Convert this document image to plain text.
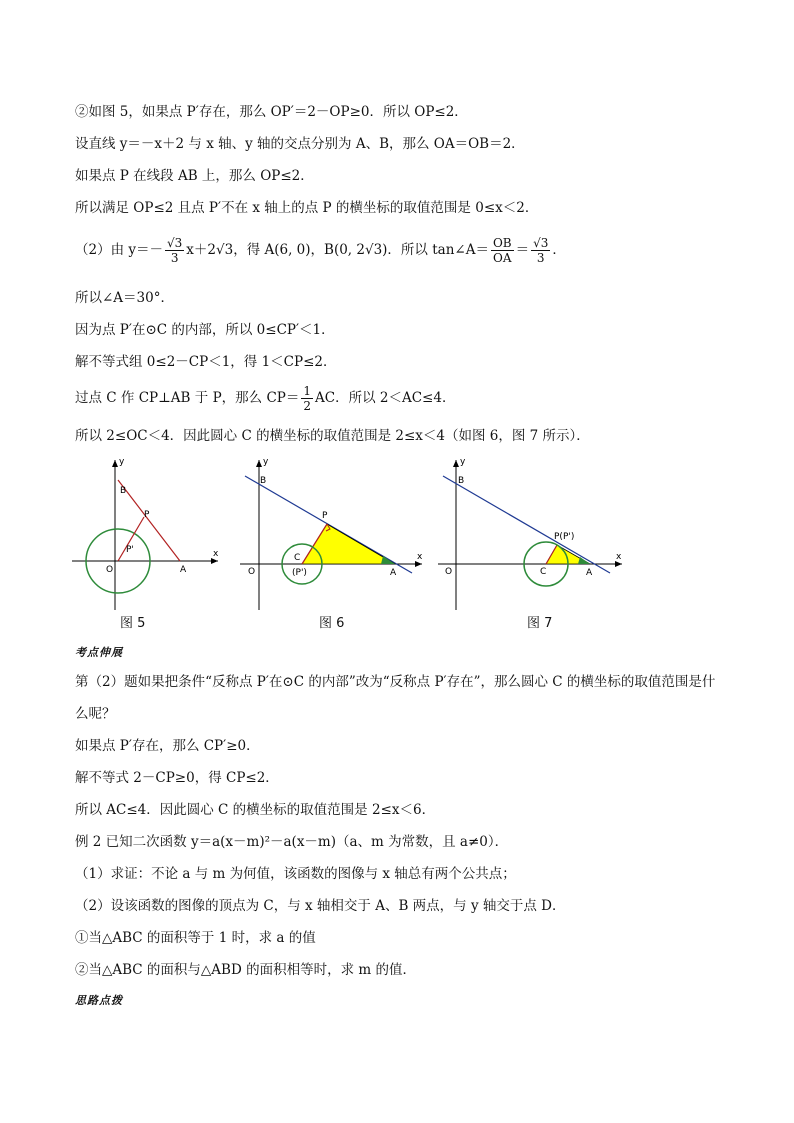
②如图 5，如果点 P′存在，那么 OP′＝2－OP≥0．所以 OP≤2．
设直线 y＝－x＋2 与 x 轴、y 轴的交点分别为 A、B，那么 OA＝OB＝2．
如果点 P 在线段 AB 上，那么 OP≤2．
所以满足 OP≤2 且点 P′不在 x 轴上的点 P 的横坐标的取值范围是 0≤x＜2．
（2）由 $y=- \frac{√3}{3} x+2√3$，得 A(6, 0)，B(0, 2√3)．所以 tan∠A＝ $\frac{OB}{OA} = \frac{√3}{3}$ ．
所以∠A＝30°．
因为点 P′在⊙C 的内部，所以 0≤CP′＜1．
解不等式组 0≤2－CP＜1，得 1＜CP≤2．
过点 C 作 CP⊥AB 于 P，那么 $CP= \frac{1}{2}$ AC．所以 2＜AC≤4．
所以 2≤OC＜4．因此圆心 C 的横坐标的取值范围是 2≤x＜4（如图 6，图 7 所示）．
y
x
B
P
P'
O	A
y
x
B
P
C
(P')
O	A
y
x
B
P(P')
C
O	A
图 5	图 6	图 7
考点伸展
第（2）题如果把条件“反称点 P′在⊙C 的内部”改为“反称点 P′存在”，那么圆心 C 的横坐标的取值范围是什
么呢？
如果点 P′存在，那么 CP′≥0．
解不等式 2－CP≥0，得 CP≤2．
所以 AC≤4．因此圆心 C 的横坐标的取值范围是 2≤x＜6．
例 2 已知二次函数 y＝a(x－m)²－a(x－m)（a、m 为常数，且 a≠0）．
（1）求证：不论 a 与 m 为何值，该函数的图像与 x 轴总有两个公共点；
（2）设该函数的图像的顶点为 C，与 x 轴相交于 A、B 两点，与 y 轴交于点 D．
①当△ABC 的面积等于 1 时，求 a 的值
②当△ABC 的面积与△ABD 的面积相等时，求 m 的值．
思路点拨
